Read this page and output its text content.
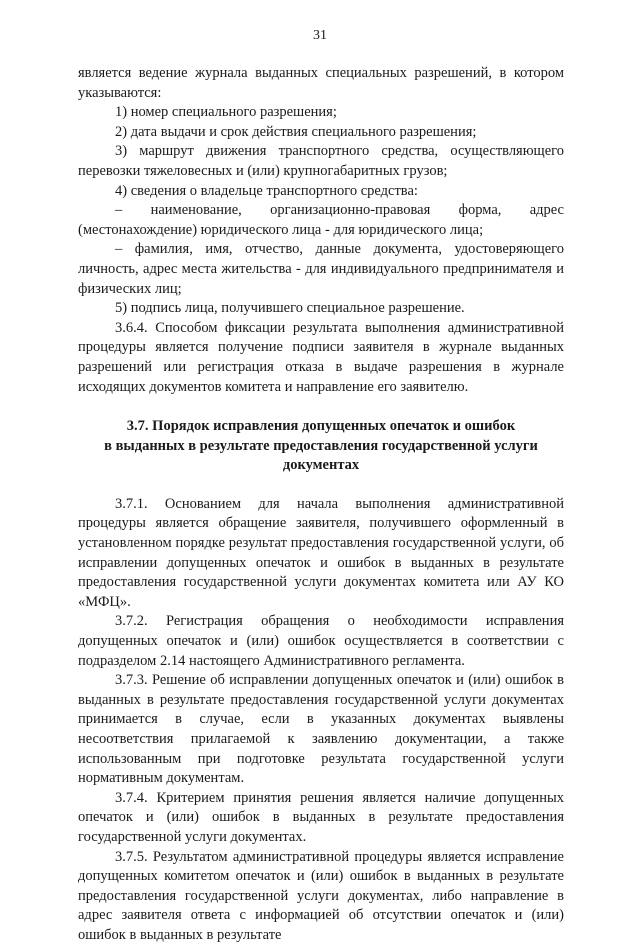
31

является ведение журнала выданных специальных разрешений, в котором указываются:

1) номер специального разрешения;

2) дата выдачи и срок действия специального разрешения;

3) маршрут движения транспортного средства, осуществляющего перевозки тяжеловесных и (или) крупногабаритных грузов;

4) сведения о владельце транспортного средства:

– наименование, организационно-правовая форма, адрес (местонахождение) юридического лица - для юридического лица;

– фамилия, имя, отчество, данные документа, удостоверяющего личность, адрес места жительства - для индивидуального предпринимателя и физических лиц;

5) подпись лица, получившего специальное разрешение.

3.6.4. Способом фиксации результата выполнения административной процедуры является получение подписи заявителя в журнале выданных разрешений или регистрация отказа в выдаче разрешения в журнале исходящих документов комитета и направление его заявителю.

3.7. Порядок исправления допущенных опечаток и ошибок

в выданных в результате предоставления государственной услуги

документах

3.7.1. Основанием для начала выполнения административной процедуры является обращение заявителя, получившего оформленный в установленном порядке результат предоставления государственной услуги, об исправлении допущенных опечаток и ошибок в выданных в результате предоставления государственной услуги документах комитета или АУ КО «МФЦ».

3.7.2. Регистрация обращения о необходимости исправления допущенных опечаток и (или) ошибок осуществляется в соответствии с подразделом 2.14 настоящего Административного регламента.

3.7.3. Решение об исправлении допущенных опечаток и (или) ошибок в выданных в результате предоставления государственной услуги документах принимается в случае, если в указанных документах выявлены несоответствия прилагаемой к заявлению документации, а также использованным при подготовке результата государственной услуги нормативным документам.

3.7.4. Критерием принятия решения является наличие допущенных опечаток и (или) ошибок в выданных в результате предоставления государственной услуги документах.

3.7.5. Результатом административной процедуры является исправление допущенных комитетом опечаток и (или) ошибок в выданных в результате предоставления государственной услуги документах, либо направление в адрес заявителя ответа с информацией об отсутствии опечаток и (или) ошибок в выданных в результате
